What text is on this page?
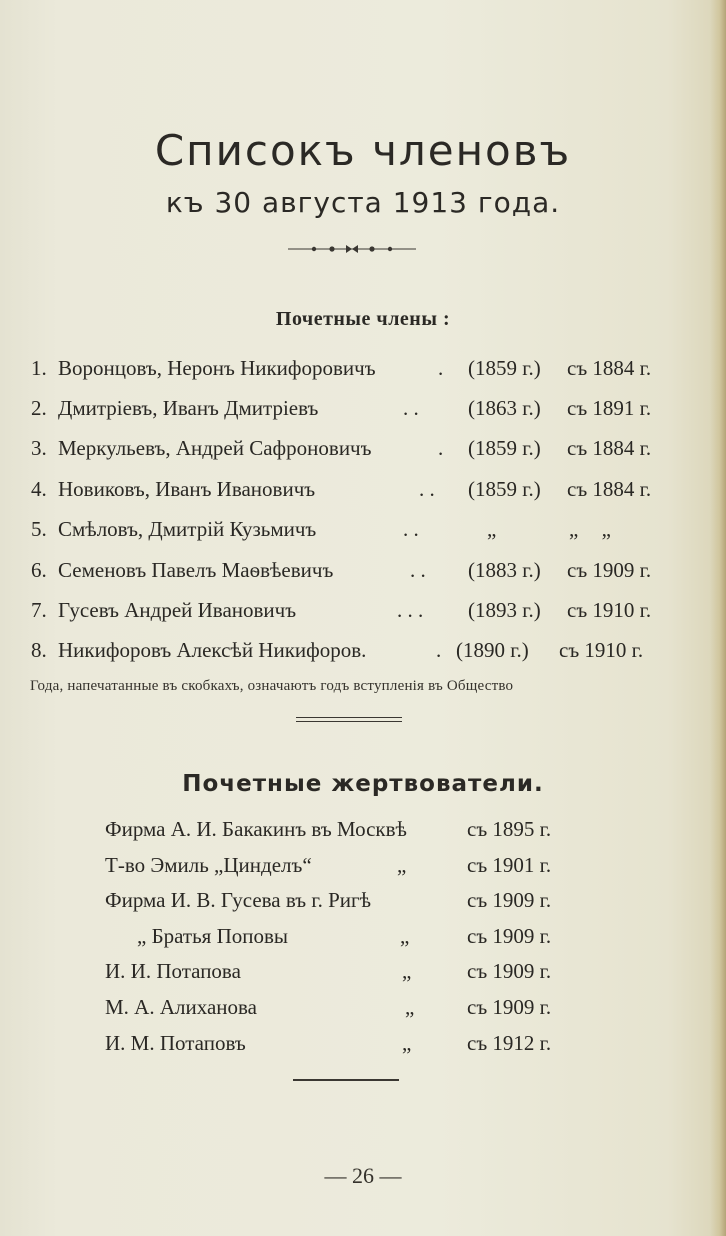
Списокъ членовъ
къ 30 августа 1913 года.
Почетные члены :
1. Воронцовъ, Неронъ Никифоровичъ	. (1859 г.) съ 1884 г.
2. Дмитріевъ, Иванъ Дмитріевъ	. . (1863 г.) съ 1891 г.
3. Меркульевъ, Андрей Сафроновичъ	. (1859 г.) съ 1884 г.
4. Новиковъ, Иванъ Ивановичъ	. . (1859 г.) съ 1884 г.
5. Смѣловъ, Дмитрій Кузьмичъ	. .	„	„ „
6. Семеновъ Павелъ Маѳвѣевичъ	. . (1883 г.) съ 1909 г.
7. Гусевъ Андрей Ивановичъ	. . . (1893 г.) съ 1910 г.
8. Никифоровъ Алексѣй Никифоров.	. (1890 г.) съ 1910 г.
Года, напечатанные въ скобкахъ, означаютъ годъ вступленія въ Общество
Почетные жертвователи.
Фирма А. И. Бакакинъ въ Москвѣ	съ 1895 г.
Т-во Эмиль „Цинделъ“	„	съ 1901 г.
Фирма И. В. Гусева въ г. Ригѣ	съ 1909 г.
„ Братья Поповы	„	съ 1909 г.
И. И. Потапова	„	съ 1909 г.
М. А. Алиханова	„	съ 1909 г.
И. М. Потаповъ	„	съ 1912 г.
— 26 —
